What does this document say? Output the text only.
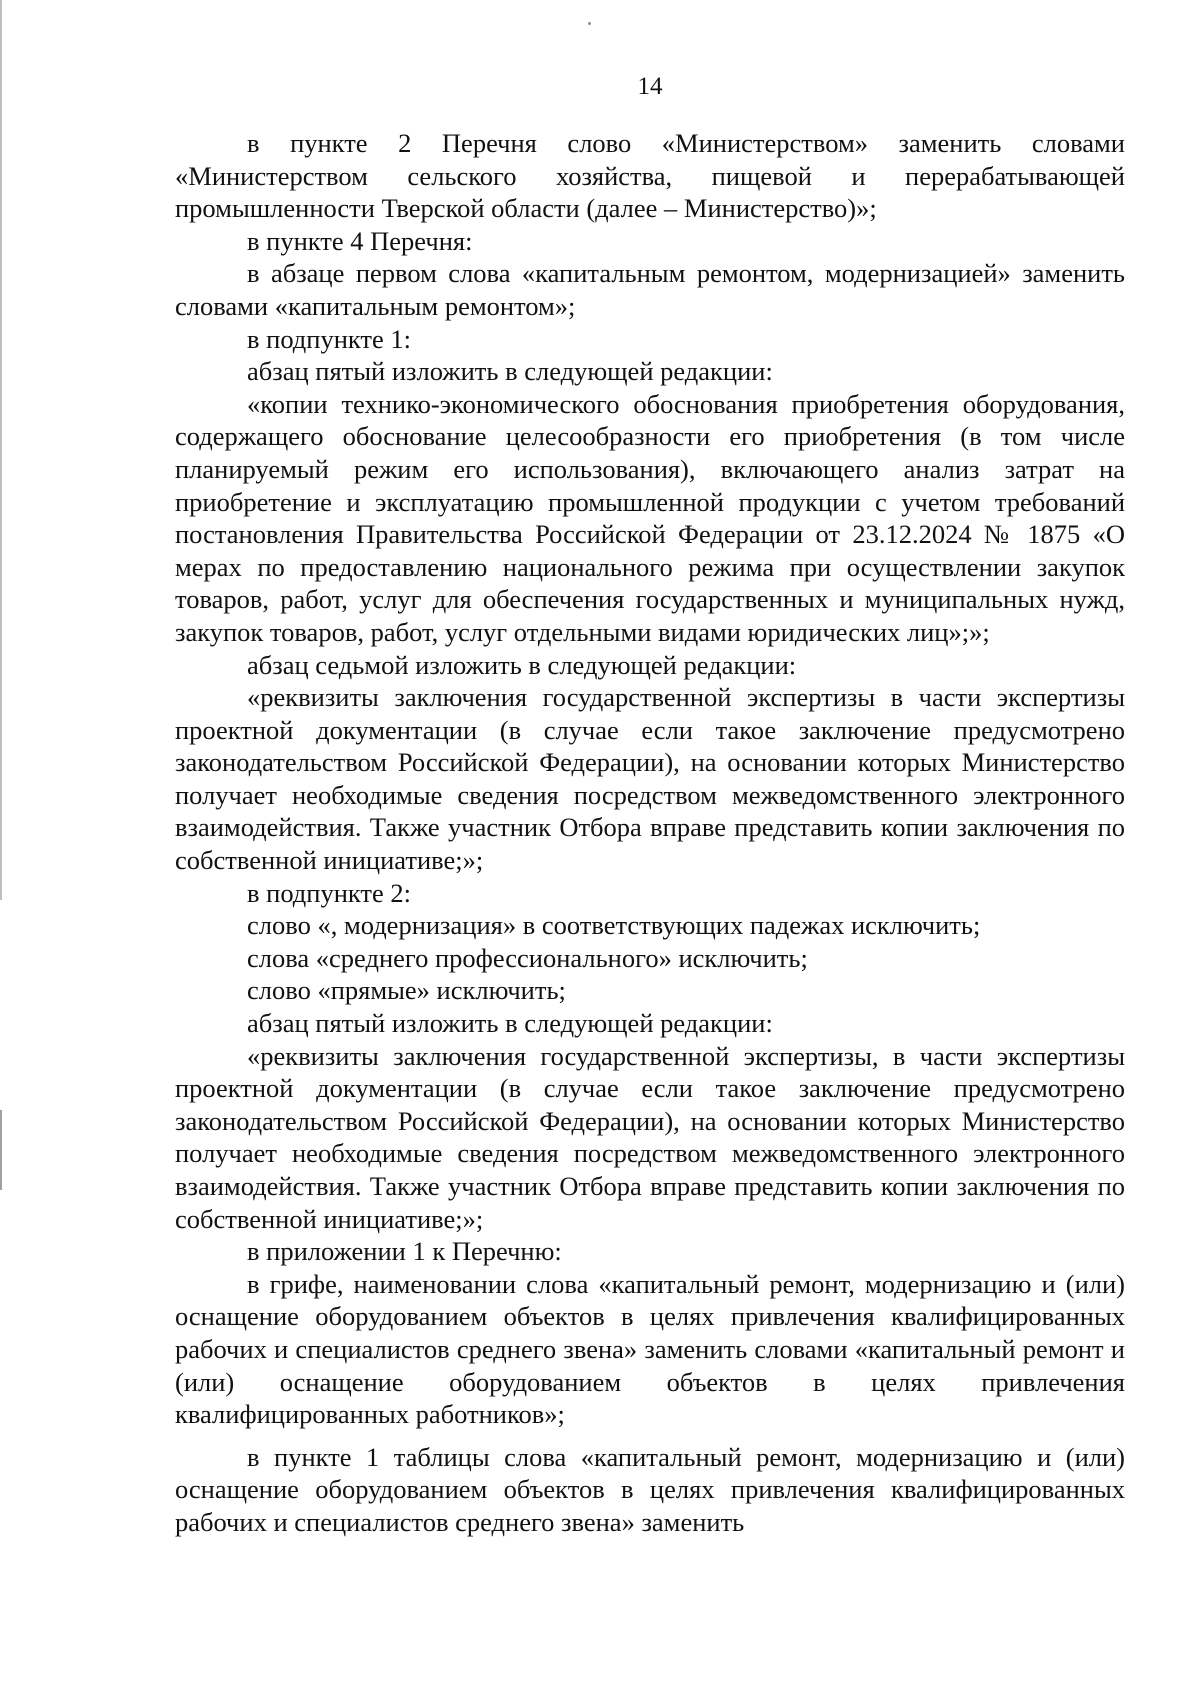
14

в пункте 2 Перечня слово «Министерством» заменить словами «Министерством сельского хозяйства, пищевой и перерабатывающей промышленности Тверской области (далее – Министерство)»;

в пункте 4 Перечня:

в абзаце первом слова «капитальным ремонтом, модернизацией» заменить словами «капитальным ремонтом»;

в подпункте 1:

абзац пятый изложить в следующей редакции:

«копии технико-экономического обоснования приобретения оборудования, содержащего обоснование целесообразности его приобретения (в том числе планируемый режим его использования), включающего анализ затрат на приобретение и эксплуатацию промышленной продукции с учетом требований постановления Правительства Российской Федерации от 23.12.2024 № 1875 «О мерах по предоставлению национального режима при осуществлении закупок товаров, работ, услуг для обеспечения государственных и муниципальных нужд, закупок товаров, работ, услуг отдельными видами юридических лиц»;»;

абзац седьмой изложить в следующей редакции:

«реквизиты заключения государственной экспертизы в части экспертизы проектной документации (в случае если такое заключение предусмотрено законодательством Российской Федерации), на основании которых Министерство получает необходимые сведения посредством межведомственного электронного взаимодействия. Также участник Отбора вправе представить копии заключения по собственной инициативе;»;

в подпункте 2:

слово «, модернизация» в соответствующих падежах исключить;

слова «среднего профессионального» исключить;

слово «прямые» исключить;

абзац пятый изложить в следующей редакции:

«реквизиты заключения государственной экспертизы, в части экспертизы проектной документации (в случае если такое заключение предусмотрено законодательством Российской Федерации), на основании которых Министерство получает необходимые сведения посредством межведомственного электронного взаимодействия. Также участник Отбора вправе представить копии заключения по собственной инициативе;»;

в приложении 1 к Перечню:

в грифе, наименовании слова «капитальный ремонт, модернизацию и (или) оснащение оборудованием объектов в целях привлечения квалифицированных рабочих и специалистов среднего звена» заменить словами «капитальный ремонт и (или) оснащение оборудованием объектов в целях привлечения квалифицированных работников»;

в пункте 1 таблицы слова «капитальный ремонт, модернизацию и (или) оснащение оборудованием объектов в целях привлечения квалифицированных рабочих и специалистов среднего звена» заменить
